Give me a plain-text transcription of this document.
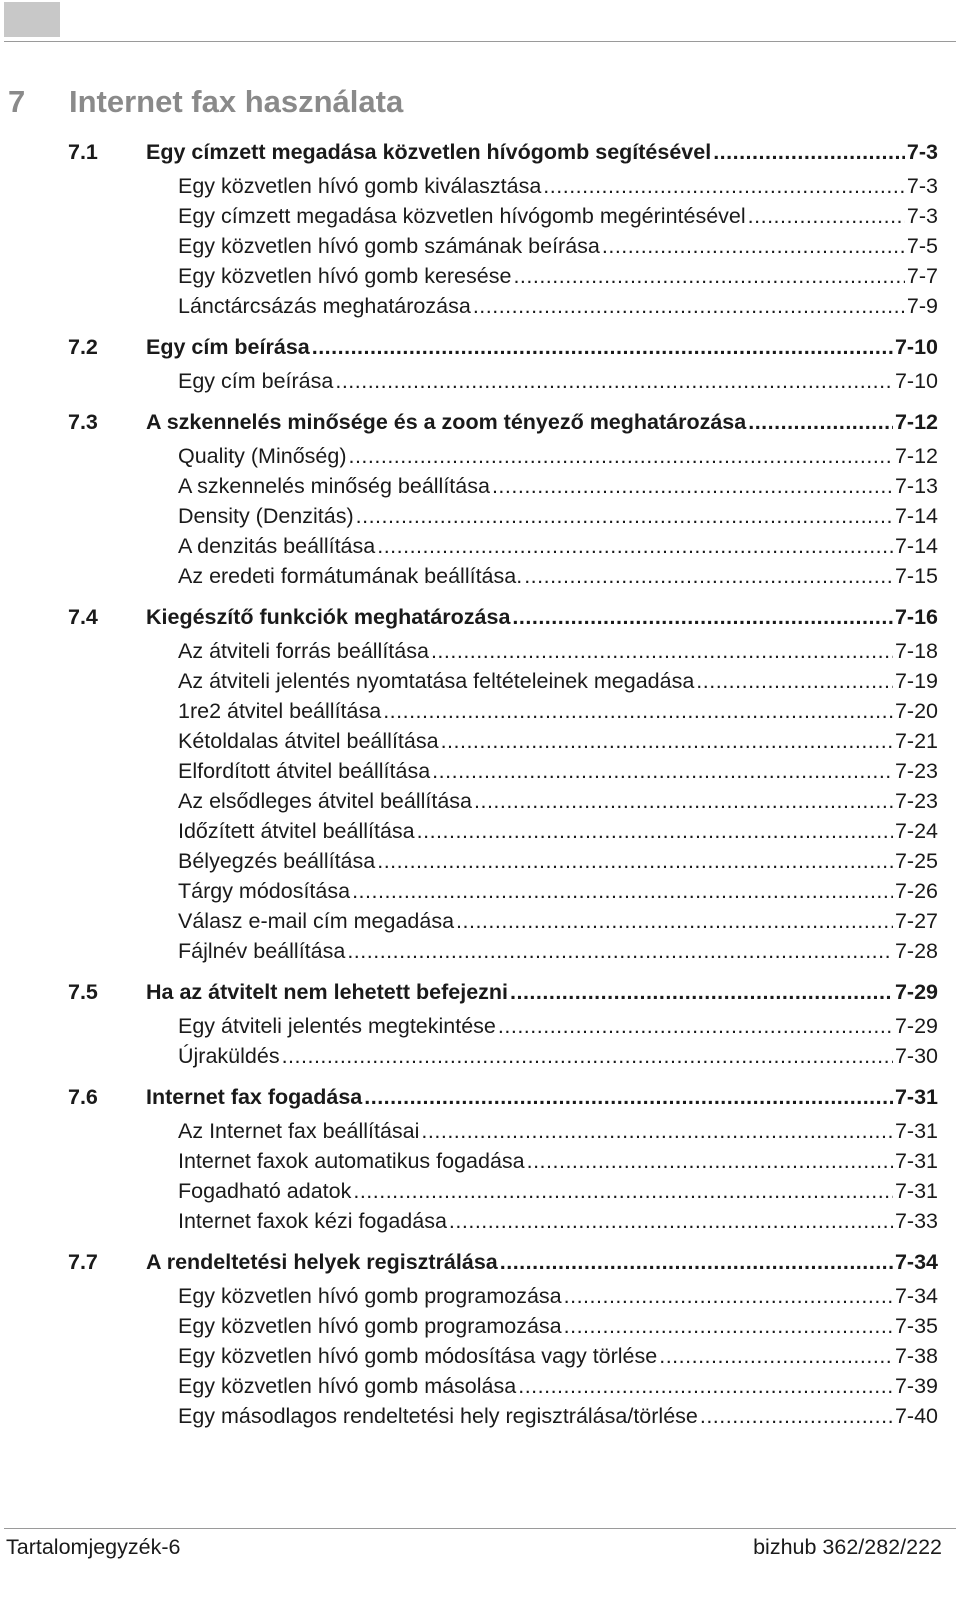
7 Internet fax használata
7.1	Egy címzett megadása közvetlen hívógomb segítésével .....	7-3
Egy közvetlen hívó gomb kiválasztása .....	7-3
Egy címzett megadása közvetlen hívógomb megérintésével .....	7-3
Egy közvetlen hívó gomb számának beírása .....	7-5
Egy közvetlen hívó gomb keresése .....	7-7
Lánctárcsázás meghatározása .....	7-9
7.2	Egy cím beírása .....	7-10
Egy cím beírása .....	7-10
7.3	A szkennelés minősége és a zoom tényező meghatározása .....	7-12
Quality (Minőség) .....	7-12
A szkennelés minőség beállítása .....	7-13
Density (Denzitás) .....	7-14
A denzitás beállítása .....	7-14
Az eredeti formátumának beállítása. .....	7-15
7.4	Kiegészítő funkciók meghatározása .....	7-16
Az átviteli forrás beállítása .....	7-18
Az átviteli jelentés nyomtatása feltételeinek megadása .....	7-19
1re2 átvitel beállítása .....	7-20
Kétoldalas átvitel beállítása .....	7-21
Elfordított átvitel beállítása .....	7-23
Az elsődleges átvitel beállítása .....	7-23
Időzített átvitel beállítása .....	7-24
Bélyegzés beállítása .....	7-25
Tárgy módosítása .....	7-26
Válasz e-mail cím megadása .....	7-27
Fájlnév beállítása .....	7-28
7.5	Ha az átvitelt nem lehetett befejezni .....	7-29
Egy átviteli jelentés megtekintése .....	7-29
Újraküldés .....	7-30
7.6	Internet fax fogadása .....	7-31
Az Internet fax beállításai .....	7-31
Internet faxok automatikus fogadása .....	7-31
Fogadható adatok .....	7-31
Internet faxok kézi fogadása .....	7-33
7.7	A rendeltetési helyek regisztrálása .....	7-34
Egy közvetlen hívó gomb programozása .....	7-34
Egy közvetlen hívó gomb programozása .....	7-35
Egy közvetlen hívó gomb módosítása vagy törlése .....	7-38
Egy közvetlen hívó gomb másolása .....	7-39
Egy másodlagos rendeltetési hely regisztrálása/törlése .....	7-40
Tartalomjegyzék-6	bizhub 362/282/222
